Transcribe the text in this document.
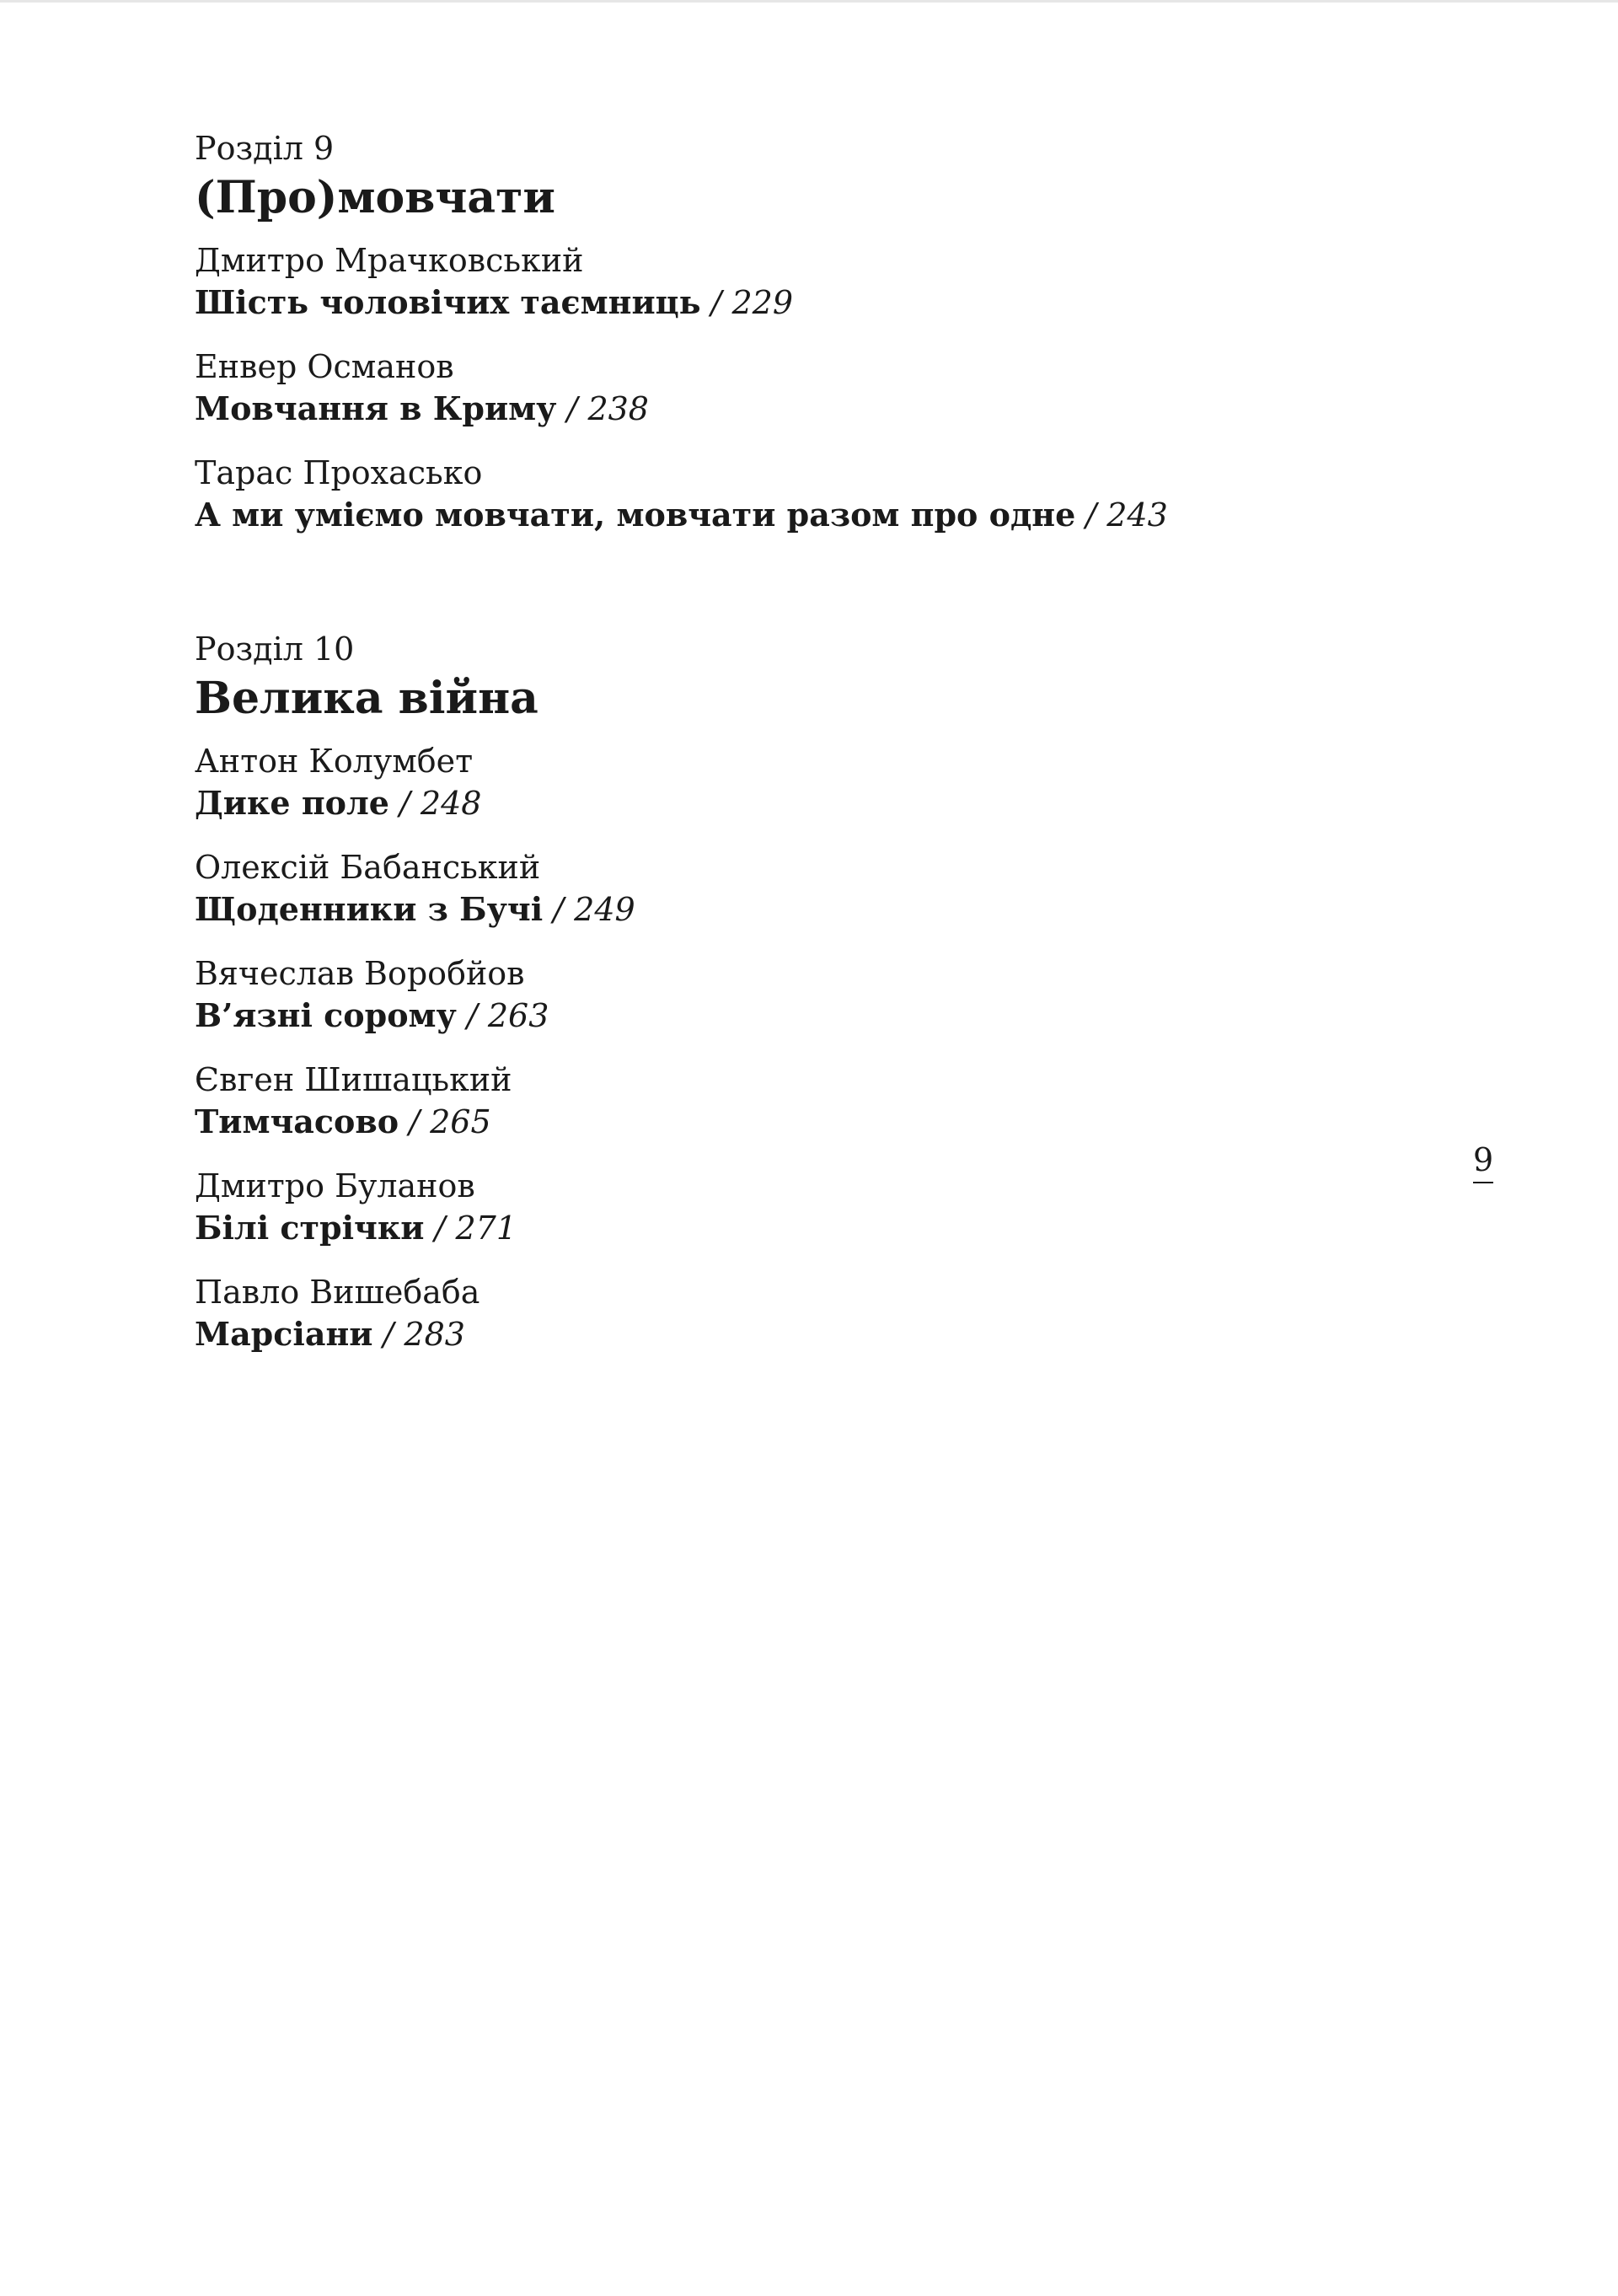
Розділ 9
(Про)мовчати
Дмитро Мрачковський
Шість чоловічих таємниць / 229
Енвер Османов
Мовчання в Криму / 238
Тарас Прохасько
А ми уміємо мовчати, мовчати разом про одне / 243
Розділ 10
Велика війна
Антон Колумбет
Дике поле / 248
Олексій Бабанський
Щоденники з Бучі / 249
Вячеслав Воробйов
В’язні сорому / 263
Євген Шишацький
Тимчасово / 265
Дмитро Буланов
Білі стрічки / 271
Павло Вишебаба
Марсіани / 283
9
